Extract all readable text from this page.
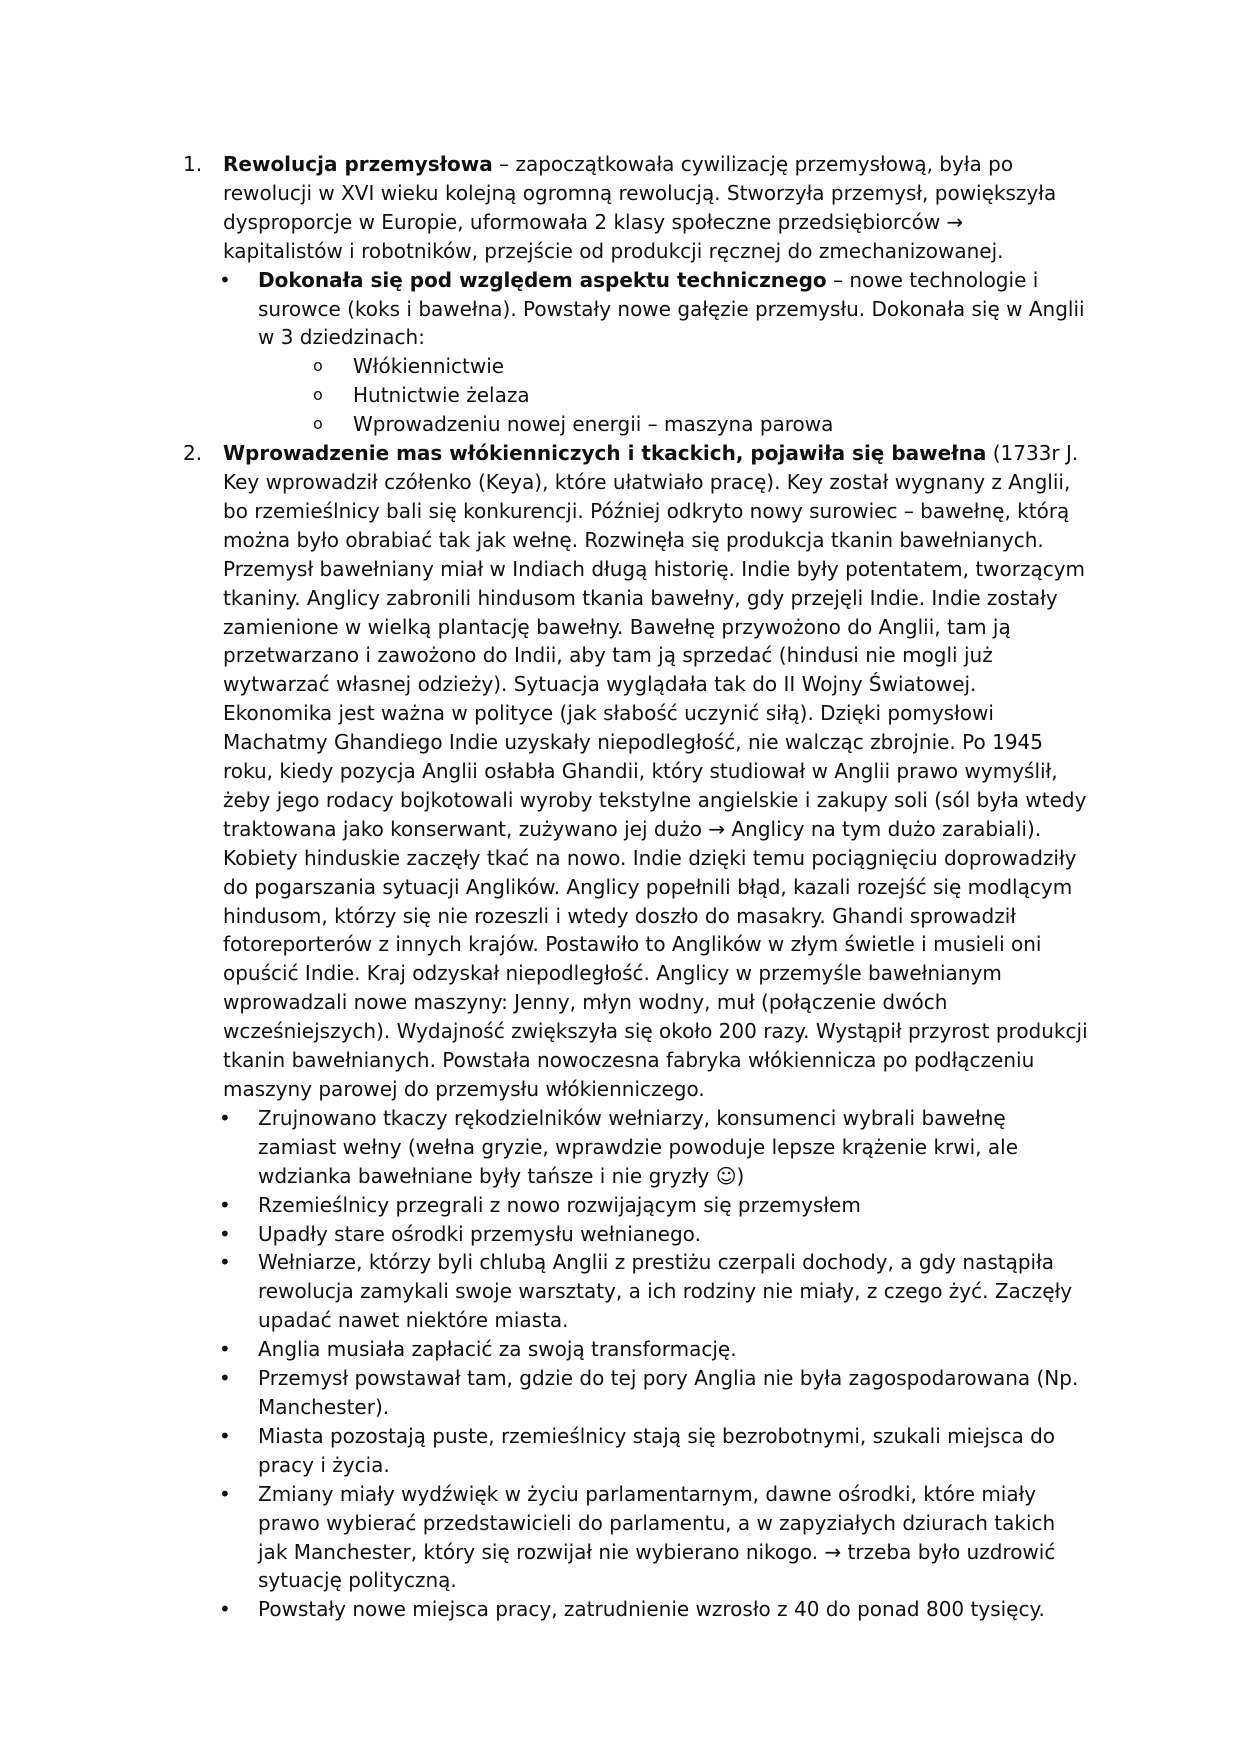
1. Rewolucja przemysłowa – zapoczątkowała cywilizację przemysłową, była po rewolucji w XVI wieku kolejną ogromną rewolucją. Stworzyła przemysł, powiększyła dysproporcje w Europie, uformowała 2 klasy społeczne przedsiębiorców → kapitalistów i robotników, przejście od produkcji ręcznej do zmechanizowanej.
• Dokonała się pod względem aspektu technicznego – nowe technologie i surowce (koks i bawełna). Powstały nowe gałęzie przemysłu. Dokonała się w Anglii w 3 dziedzinach:
o Włókiennictwie
o Hutnictwie żelaza
o Wprowadzeniu nowej energii – maszyna parowa
2. Wprowadzenie mas włókienniczych i tkackich, pojawiła się bawełna (1733r J. Key wprowadził czółenko (Keya), które ułatwiało pracę). Key został wygnany z Anglii, bo rzemieślnicy bali się konkurencji. Później odkryto nowy surowiec – bawełnę, którą można było obrabiać tak jak wełnę. Rozwinęła się produkcja tkanin bawełnianych. Przemysł bawełniany miał w Indiach długą historię. Indie były potentatem, tworzącym tkaniny. Anglicy zabronili hindusom tkania bawełny, gdy przejęli Indie. Indie zostały zamienione w wielką plantację bawełny. Bawełnę przywożono do Anglii, tam ją przetwarzano i zawożono do Indii, aby tam ją sprzedać (hindusi nie mogli już wytwarzać własnej odzieży). Sytuacja wyglądała tak do II Wojny Światowej. Ekonomika jest ważna w polityce (jak słabość uczynić siłą). Dzięki pomysłowi Machatmy Ghandiego Indie uzyskały niepodległość, nie walcząc zbrojnie. Po 1945 roku, kiedy pozycja Anglii osłabła Ghandii, który studiował w Anglii prawo wymyślił, żeby jego rodacy bojkotowali wyroby tekstylne angielskie i zakupy soli (sól była wtedy traktowana jako konserwant, zużywano jej dużo → Anglicy na tym dużo zarabiali). Kobiety hinduskie zaczęły tkać na nowo. Indie dzięki temu pociągnięciu doprowadziły do pogarszania sytuacji Anglików. Anglicy popełnili błąd, kazali rozejść się modlącym hindusom, którzy się nie rozeszli i wtedy doszło do masakry. Ghandi sprowadził fotoreporterów z innych krajów. Postawiło to Anglików w złym świetle i musieli oni opuścić Indie. Kraj odzyskał niepodległość. Anglicy w przemyśle bawełnianym wprowadzali nowe maszyny: Jenny, młyn wodny, muł (połączenie dwóch wcześniejszych). Wydajność zwiększyła się około 200 razy. Wystąpił przyrost produkcji tkanin bawełnianych. Powstała nowoczesna fabryka włókiennicza po podłączeniu maszyny parowej do przemysłu włókienniczego.
• Zrujnowano tkaczy rękodzielników wełniarzy, konsumenci wybrali bawełnę zamiast wełny (wełna gryzie, wprawdzie powoduje lepsze krążenie krwi, ale wdzianka bawełniane były tańsze i nie gryzły ☺)
• Rzemieślnicy przegrali z nowo rozwijającym się przemysłem
• Upadły stare ośrodki przemysłu wełnianego.
• Wełniarze, którzy byli chlubą Anglii z prestiżu czerpali dochody, a gdy nastąpiła rewolucja zamykali swoje warsztaty, a ich rodziny nie miały, z czego żyć. Zaczęły upadać nawet niektóre miasta.
• Anglia musiała zapłacić za swoją transformację.
• Przemysł powstawał tam, gdzie do tej pory Anglia nie była zagospodarowana (Np. Manchester).
• Miasta pozostają puste, rzemieślnicy stają się bezrobotnymi, szukali miejsca do pracy i życia.
• Zmiany miały wydźwięk w życiu parlamentarnym, dawne ośrodki, które miały prawo wybierać przedstawicieli do parlamentu, a w zapyziałych dziurach takich jak Manchester, który się rozwijał nie wybierano nikogo. → trzeba było uzdrowić sytuację polityczną.
• Powstały nowe miejsca pracy, zatrudnienie wzrosło z 40 do ponad 800 tysięcy.
